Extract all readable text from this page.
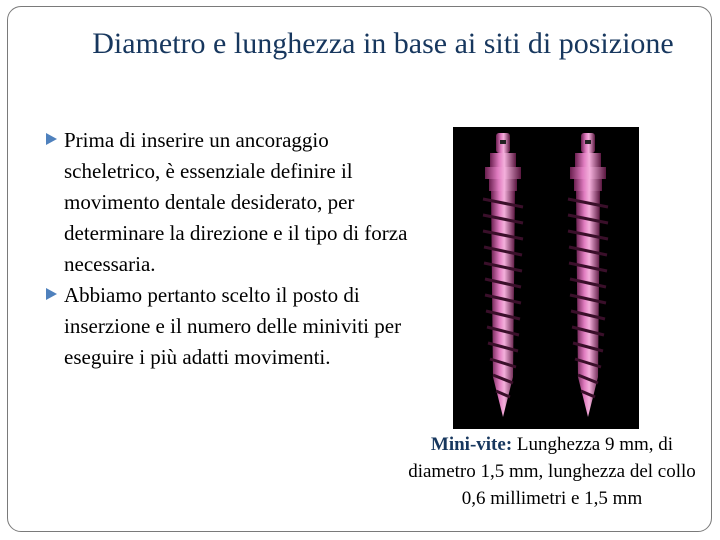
Diametro e lunghezza in base ai siti di posizione
Prima di inserire un ancoraggio scheletrico, è essenziale definire il movimento dentale desiderato, per determinare la direzione e il tipo di forza necessaria.
Abbiamo pertanto scelto il posto di inserzione e il numero delle miniviti per eseguire i più adatti movimenti.
Mini-vite: Lunghezza 9 mm, di diametro 1,5 mm, lunghezza del collo 0,6 millimetri e 1,5 mm
